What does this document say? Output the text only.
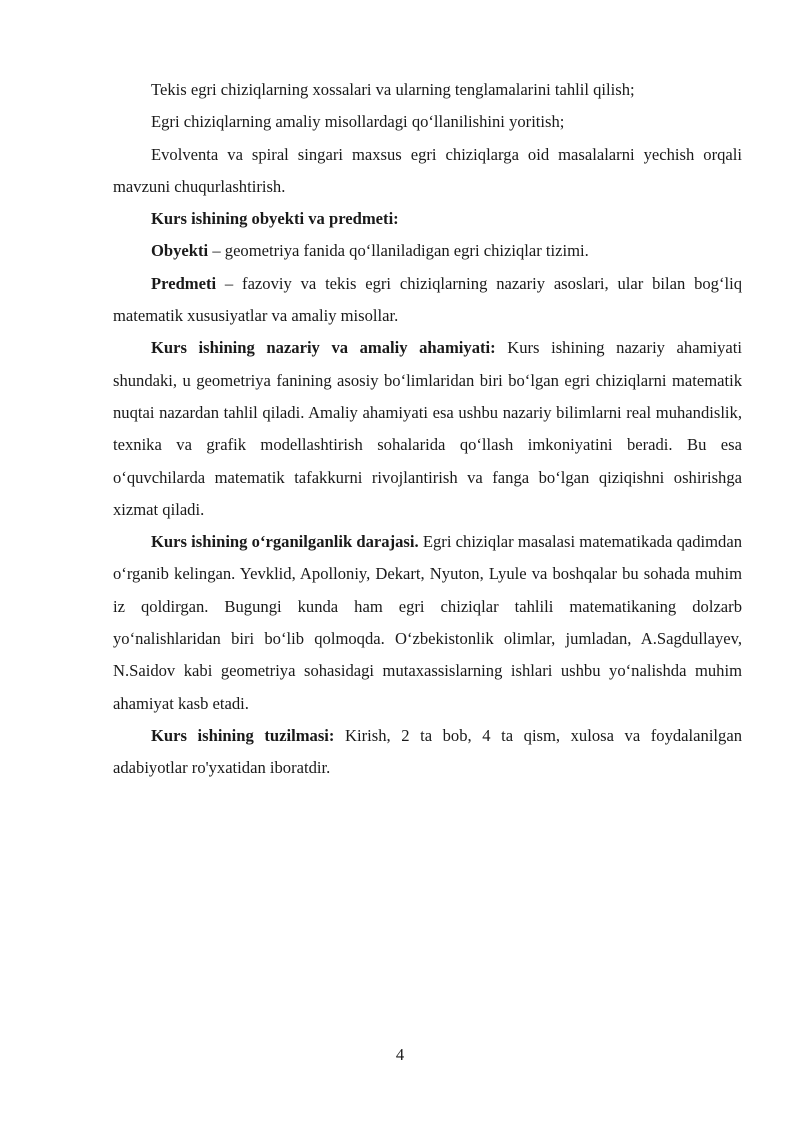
Tekis egri chiziqlarning xossalari va ularning tenglamalarini tahlil qilish;

Egri chiziqlarning amaliy misollardagi qo‘llanilishini yoritish;

Evolventa va spiral singari maxsus egri chiziqlarga oid masalalarni yechish orqali mavzuni chuqurlashtirish.

Kurs ishining obyekti va predmeti:

Obyekti – geometriya fanida qo‘llaniladigan egri chiziqlar tizimi.

Predmeti – fazoviy va tekis egri chiziqlarning nazariy asoslari, ular bilan bog‘liq matematik xususiyatlar va amaliy misollar.

Kurs ishining nazariy va amaliy ahamiyati: Kurs ishining nazariy ahamiyati shundaki, u geometriya fanining asosiy bo‘limlaridan biri bo‘lgan egri chiziqlarni matematik nuqtai nazardan tahlil qiladi. Amaliy ahamiyati esa ushbu nazariy bilimlarni real muhandislik, texnika va grafik modellashtirish sohalarida qo‘llash imkoniyatini beradi. Bu esa o‘quvchilarda matematik tafakkurni rivojlantirish va fanga bo‘lgan qiziqishni oshirishga xizmat qiladi.

Kurs ishining o‘rganilganlik darajasi. Egri chiziqlar masalasi matematikada qadimdan o‘rganib kelingan. Yevklid, Apolloniy, Dekart, Nyuton, Lyule va boshqalar bu sohada muhim iz qoldirgan. Bugungi kunda ham egri chiziqlar tahlili matematikaning dolzarb yo‘nalishlaridan biri bo‘lib qolmoqda. O‘zbekistonlik olimlar, jumladan, A.Sagdullayev, N.Saidov kabi geometriya sohasidagi mutaxassislarning ishlari ushbu yo‘nalishda muhim ahamiyat kasb etadi.

Kurs ishining tuzilmasi: Kirish, 2 ta bob, 4 ta qism, xulosa va foydalanilgan adabiyotlar ro'yxatidan iboratdir.

4
